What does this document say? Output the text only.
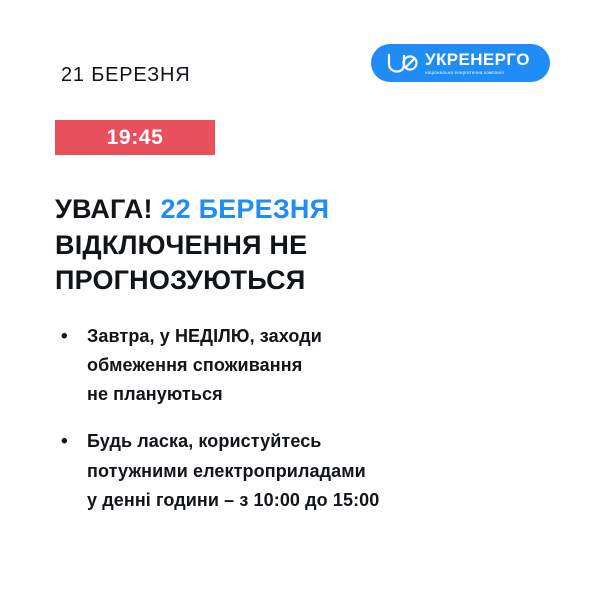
УКРЕНЕРГО
національна енергетична компанія
21 БЕРЕЗНЯ
19:45
УВАГА! 22 БЕРЕЗНЯ
ВІДКЛЮЧЕННЯ НЕ
ПРОГНОЗУЮТЬСЯ
•	Завтра, у НЕДІЛЮ, заходи
обмеження споживання
не плануються
•	Будь ласка, користуйтесь
потужними електроприладами
у денні години – з 10:00 до 15:00
